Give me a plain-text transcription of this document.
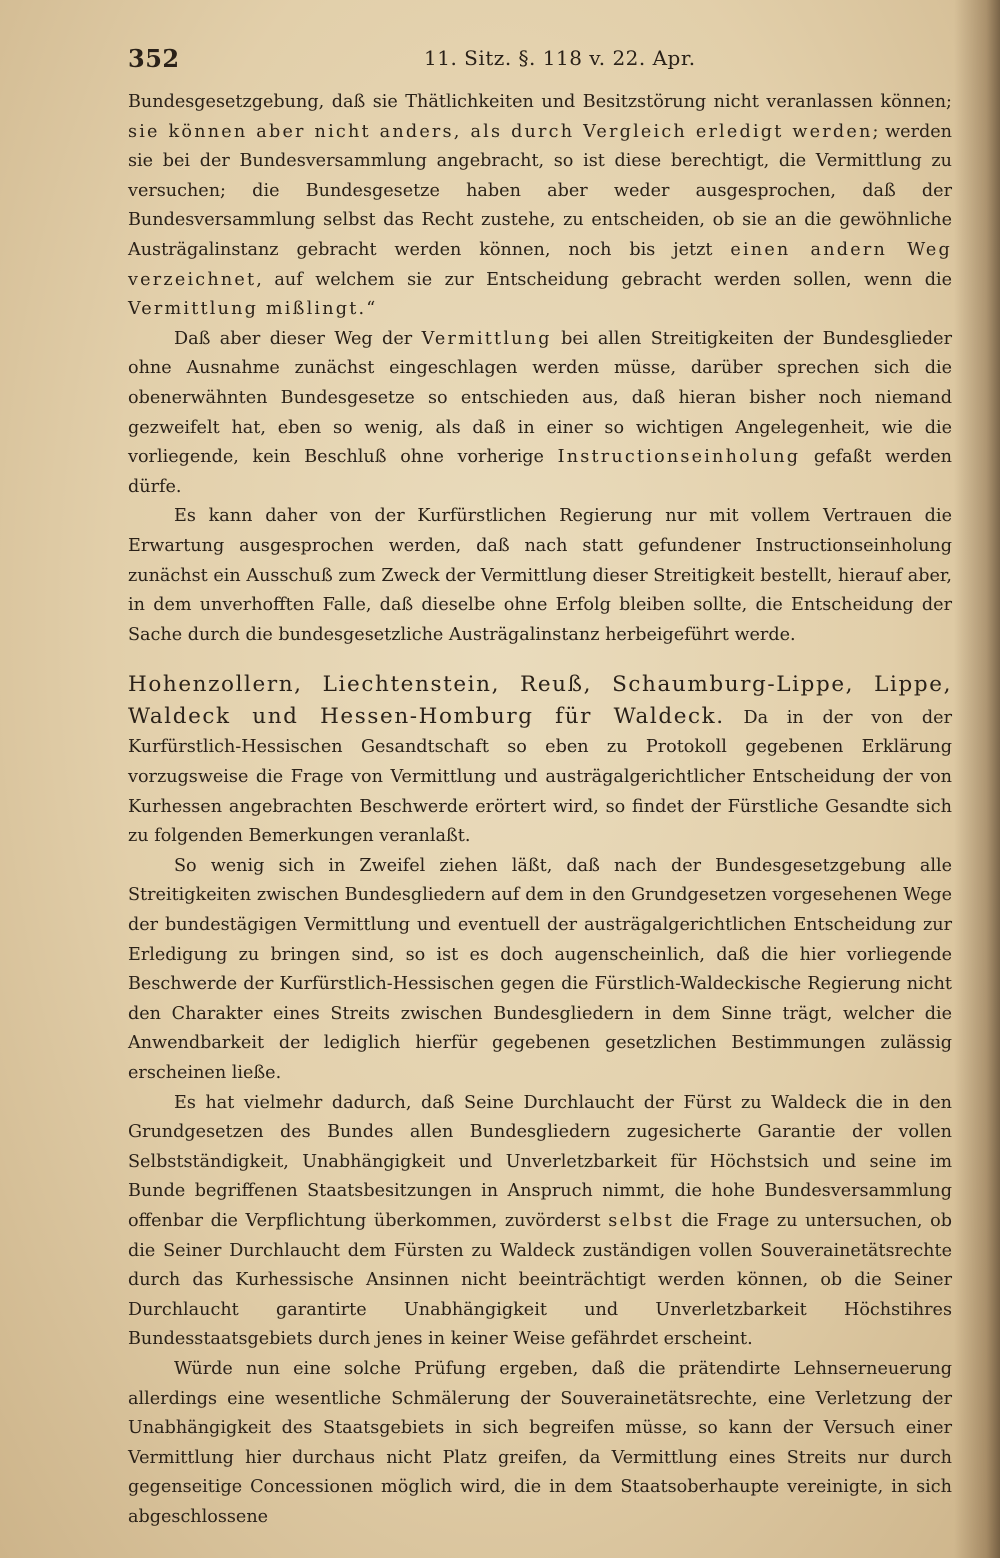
352	11. Sitz. §. 118 v. 22. Apr.

Bundesgesetzgebung, daß sie Thätlichkeiten und Besitzstörung nicht veranlassen können; sie können aber nicht anders, als durch Vergleich erledigt werden; werden sie bei der Bundesversammlung angebracht, so ist diese berechtigt, die Vermittlung zu versuchen; die Bundesgesetze haben aber weder ausgesprochen, daß der Bundesversammlung selbst das Recht zustehe, zu entscheiden, ob sie an die gewöhnliche Austrägalinstanz gebracht werden können, noch bis jetzt einen andern Weg verzeichnet, auf welchem sie zur Entscheidung gebracht werden sollen, wenn die Vermittlung mißlingt.“

Daß aber dieser Weg der Vermittlung bei allen Streitigkeiten der Bundesglieder ohne Ausnahme zunächst eingeschlagen werden müsse, darüber sprechen sich die obenerwähnten Bundesgesetze so entschieden aus, daß hieran bisher noch niemand gezweifelt hat, eben so wenig, als daß in einer so wichtigen Angelegenheit, wie die vorliegende, kein Beschluß ohne vorherige Instructionseinholung gefaßt werden dürfe.

Es kann daher von der Kurfürstlichen Regierung nur mit vollem Vertrauen die Erwartung ausgesprochen werden, daß nach statt gefundener Instructionseinholung zunächst ein Ausschuß zum Zweck der Vermittlung dieser Streitigkeit bestellt, hierauf aber, in dem unverhofften Falle, daß dieselbe ohne Erfolg bleiben sollte, die Entscheidung der Sache durch die bundesgesetzliche Austrägalinstanz herbeigeführt werde.

Hohenzollern, Liechtenstein, Reuß, Schaumburg-Lippe, Lippe, Waldeck und Hessen-Homburg für Waldeck. Da in der von der Kurfürstlich-Hessischen Gesandtschaft so eben zu Protokoll gegebenen Erklärung vorzugsweise die Frage von Vermittlung und austrägalgerichtlicher Entscheidung der von Kurhessen angebrachten Beschwerde erörtert wird, so findet der Fürstliche Gesandte sich zu folgenden Bemerkungen veranlaßt.

So wenig sich in Zweifel ziehen läßt, daß nach der Bundesgesetzgebung alle Streitigkeiten zwischen Bundesgliedern auf dem in den Grundgesetzen vorgesehenen Wege der bundestägigen Vermittlung und eventuell der austrägalgerichtlichen Entscheidung zur Erledigung zu bringen sind, so ist es doch augenscheinlich, daß die hier vorliegende Beschwerde der Kurfürstlich-Hessischen gegen die Fürstlich-Waldeckische Regierung nicht den Charakter eines Streits zwischen Bundesgliedern in dem Sinne trägt, welcher die Anwendbarkeit der lediglich hierfür gegebenen gesetzlichen Bestimmungen zulässig erscheinen ließe.

Es hat vielmehr dadurch, daß Seine Durchlaucht der Fürst zu Waldeck die in den Grundgesetzen des Bundes allen Bundesgliedern zugesicherte Garantie der vollen Selbstständigkeit, Unabhängigkeit und Unverletzbarkeit für Höchstsich und seine im Bunde begriffenen Staatsbesitzungen in Anspruch nimmt, die hohe Bundesversammlung offenbar die Verpflichtung überkommen, zuvörderst selbst die Frage zu untersuchen, ob die Seiner Durchlaucht dem Fürsten zu Waldeck zuständigen vollen Souverainetätsrechte durch das Kurhessische Ansinnen nicht beeinträchtigt werden können, ob die Seiner Durchlaucht garantirte Unabhängigkeit und Unverletzbarkeit Höchstihres Bundesstaatsgebiets durch jenes in keiner Weise gefährdet erscheint.

Würde nun eine solche Prüfung ergeben, daß die prätendirte Lehnserneuerung allerdings eine wesentliche Schmälerung der Souverainetätsrechte, eine Verletzung der Unabhängigkeit des Staatsgebiets in sich begreifen müsse, so kann der Versuch einer Vermittlung hier durchaus nicht Platz greifen, da Vermittlung eines Streits nur durch gegenseitige Concessionen möglich wird, die in dem Staatsoberhaupte vereinigte, in sich abgeschlossene
